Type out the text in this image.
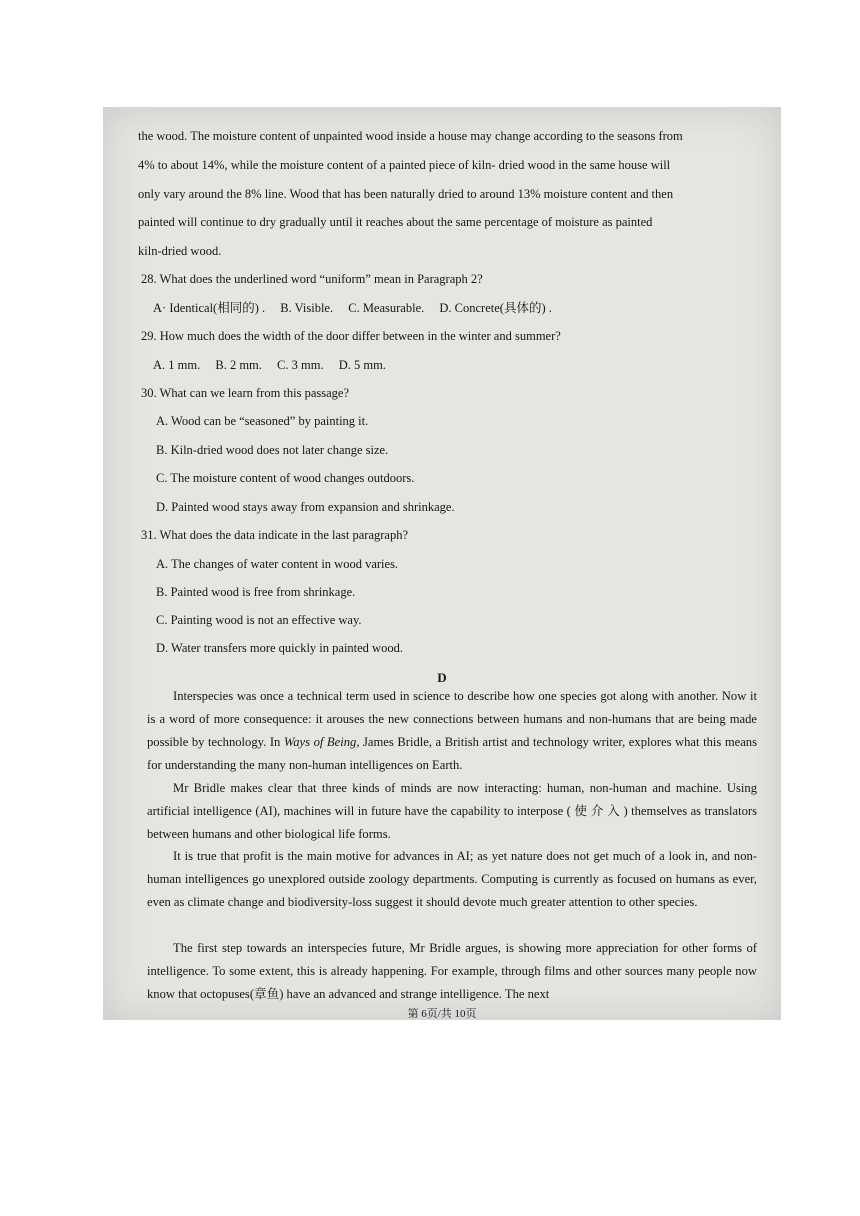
the wood. The moisture content of unpainted wood inside a house may change according to the seasons from
4% to about 14%, while the moisture content of a painted piece of kiln- dried wood in the same house will
only vary around the 8% line. Wood that has been naturally dried to around 13% moisture content and then
painted will continue to dry gradually until it reaches about the same percentage of moisture as painted
kiln-dried wood.
28. What does the underlined word “uniform” mean in Paragraph 2?
A· Identical(相同的) . B. Visible. C. Measurable. D. Concrete(具体的) .
29. How much does the width of the door differ between in the winter and summer?
A. 1 mm. B. 2 mm. C. 3 mm. D. 5 mm.
30. What can we learn from this passage?
A. Wood can be “seasoned” by painting it.
B. Kiln-dried wood does not later change size.
C. The moisture content of wood changes outdoors.
D. Painted wood stays away from expansion and shrinkage.
31. What does the data indicate in the last paragraph?
A. The changes of water content in wood varies.
B. Painted wood is free from shrinkage.
C. Painting wood is not an effective way.
D. Water transfers more quickly in painted wood.
D
Interspecies was once a technical term used in science to describe how one species got along with another. Now it is a word of more consequence: it arouses the new connections between humans and non-humans that are being made possible by technology. In Ways of Being, James Bridle, a British artist and technology writer, explores what this means for understanding the many non-human intelligences on Earth.
Mr Bridle makes clear that three kinds of minds are now interacting: human, non-human and machine. Using artificial intelligence (AI), machines will in future have the capability to interpose ( 使 介 入 ) themselves as translators between humans and other biological life forms.
It is true that profit is the main motive for advances in AI; as yet nature does not get much of a look in, and non-human intelligences go unexplored outside zoology departments. Computing is currently as focused on humans as ever, even as climate change and biodiversity-loss suggest it should devote much greater attention to other species.
The first step towards an interspecies future, Mr Bridle argues, is showing more appreciation for other forms of intelligence. To some extent, this is already happening. For example, through films and other sources many people now know that octopuses(章鱼) have an advanced and strange intelligence. The next
第 6页/共 10页
